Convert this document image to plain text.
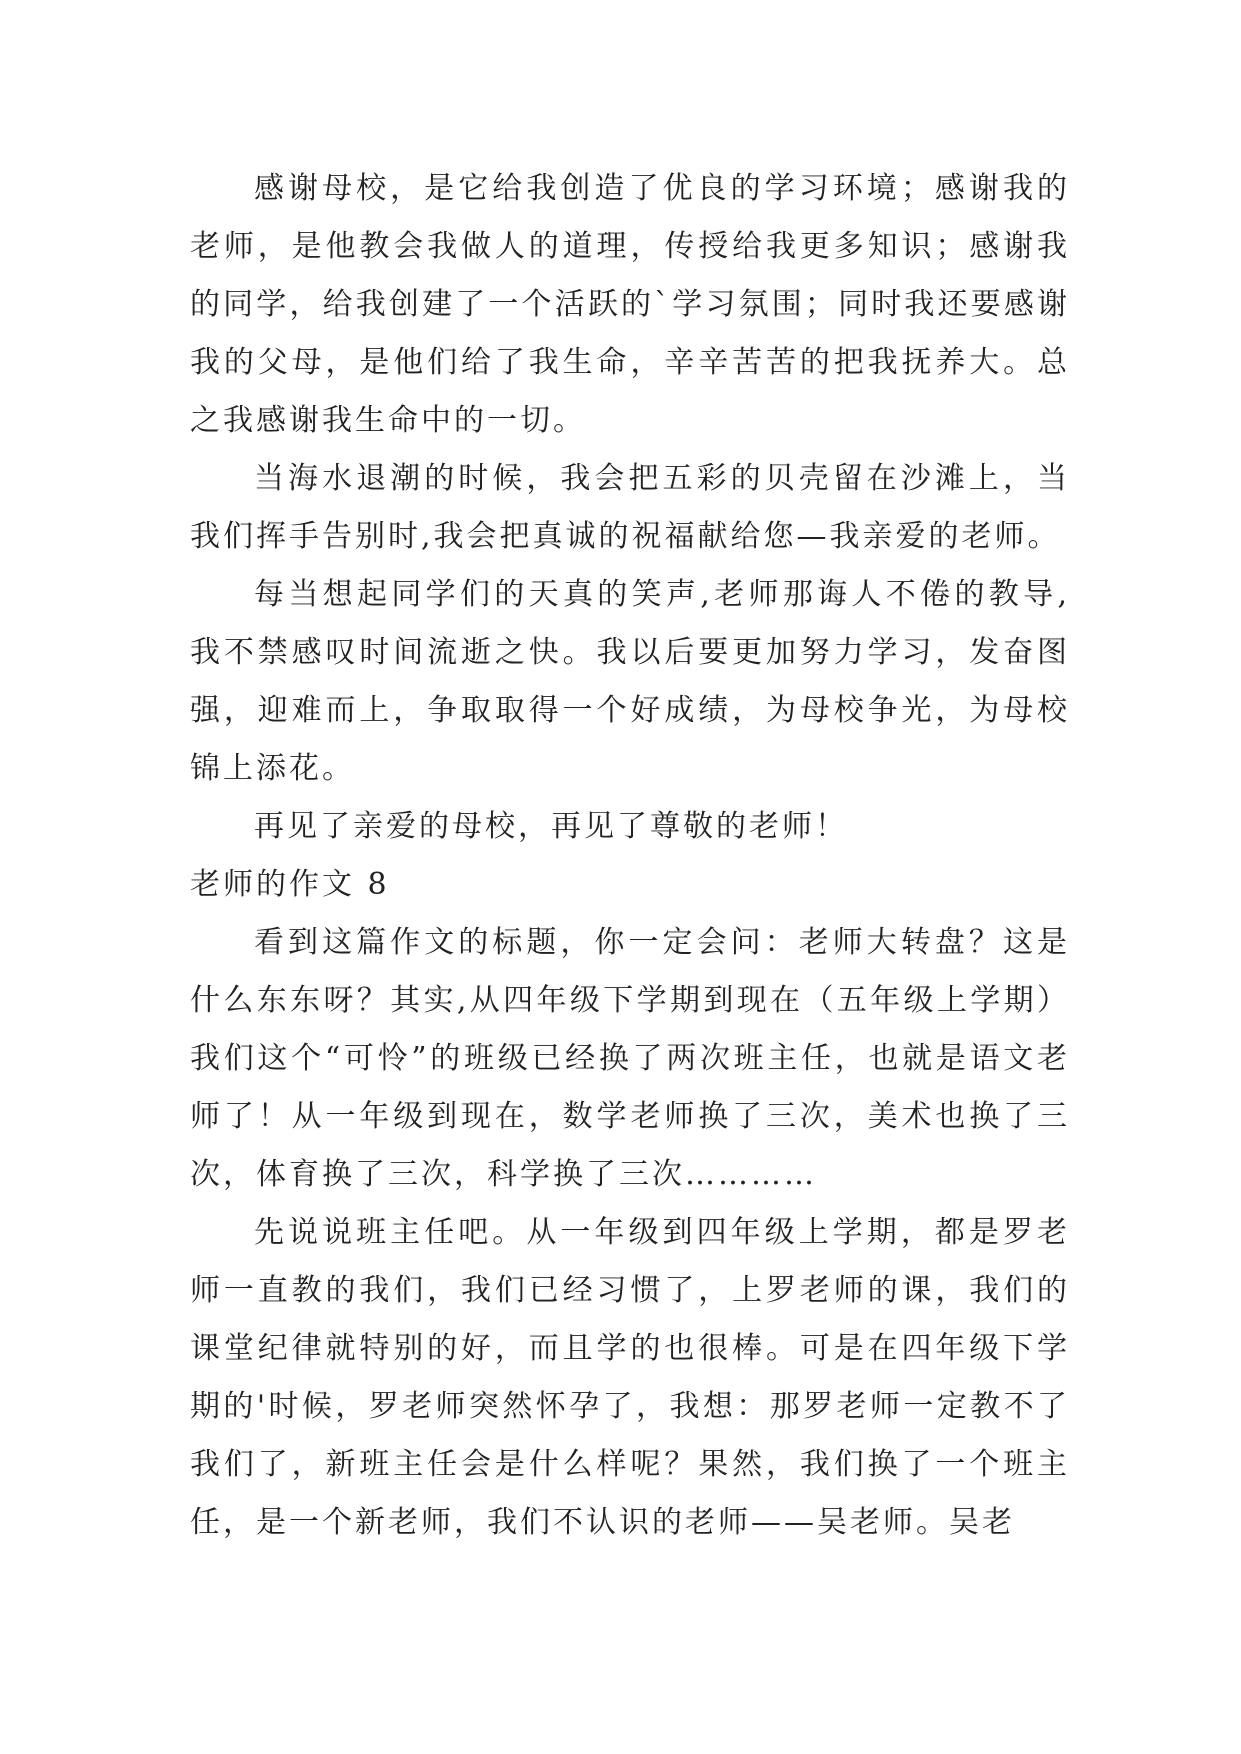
感谢母校，是它给我创造了优良的学习环境；感谢我的老师，是他教会我做人的道理，传授给我更多知识；感谢我的同学，给我创建了一个活跃的`学习氛围；同时我还要感谢我的父母，是他们给了我生命，辛辛苦苦的把我抚养大。总之我感谢我生命中的一切。

当海水退潮的时候，我会把五彩的贝壳留在沙滩上，当我们挥手告别时,我会把真诚的祝福献给您—我亲爱的老师。

每当想起同学们的天真的笑声,老师那诲人不倦的教导,我不禁感叹时间流逝之快。我以后要更加努力学习，发奋图强，迎难而上，争取取得一个好成绩，为母校争光，为母校锦上添花。

再见了亲爱的母校，再见了尊敬的老师！

老师的作文 8

看到这篇作文的标题，你一定会问：老师大转盘？这是什么东东呀？其实,从四年级下学期到现在（五年级上学期）我们这个“可怜”的班级已经换了两次班主任，也就是语文老师了！从一年级到现在，数学老师换了三次，美术也换了三次，体育换了三次，科学换了三次…………

先说说班主任吧。从一年级到四年级上学期，都是罗老师一直教的我们，我们已经习惯了，上罗老师的课，我们的课堂纪律就特别的好，而且学的也很棒。可是在四年级下学期的'时候，罗老师突然怀孕了，我想：那罗老师一定教不了我们了，新班主任会是什么样呢？果然，我们换了一个班主任，是一个新老师，我们不认识的老师——吴老师。吴老
